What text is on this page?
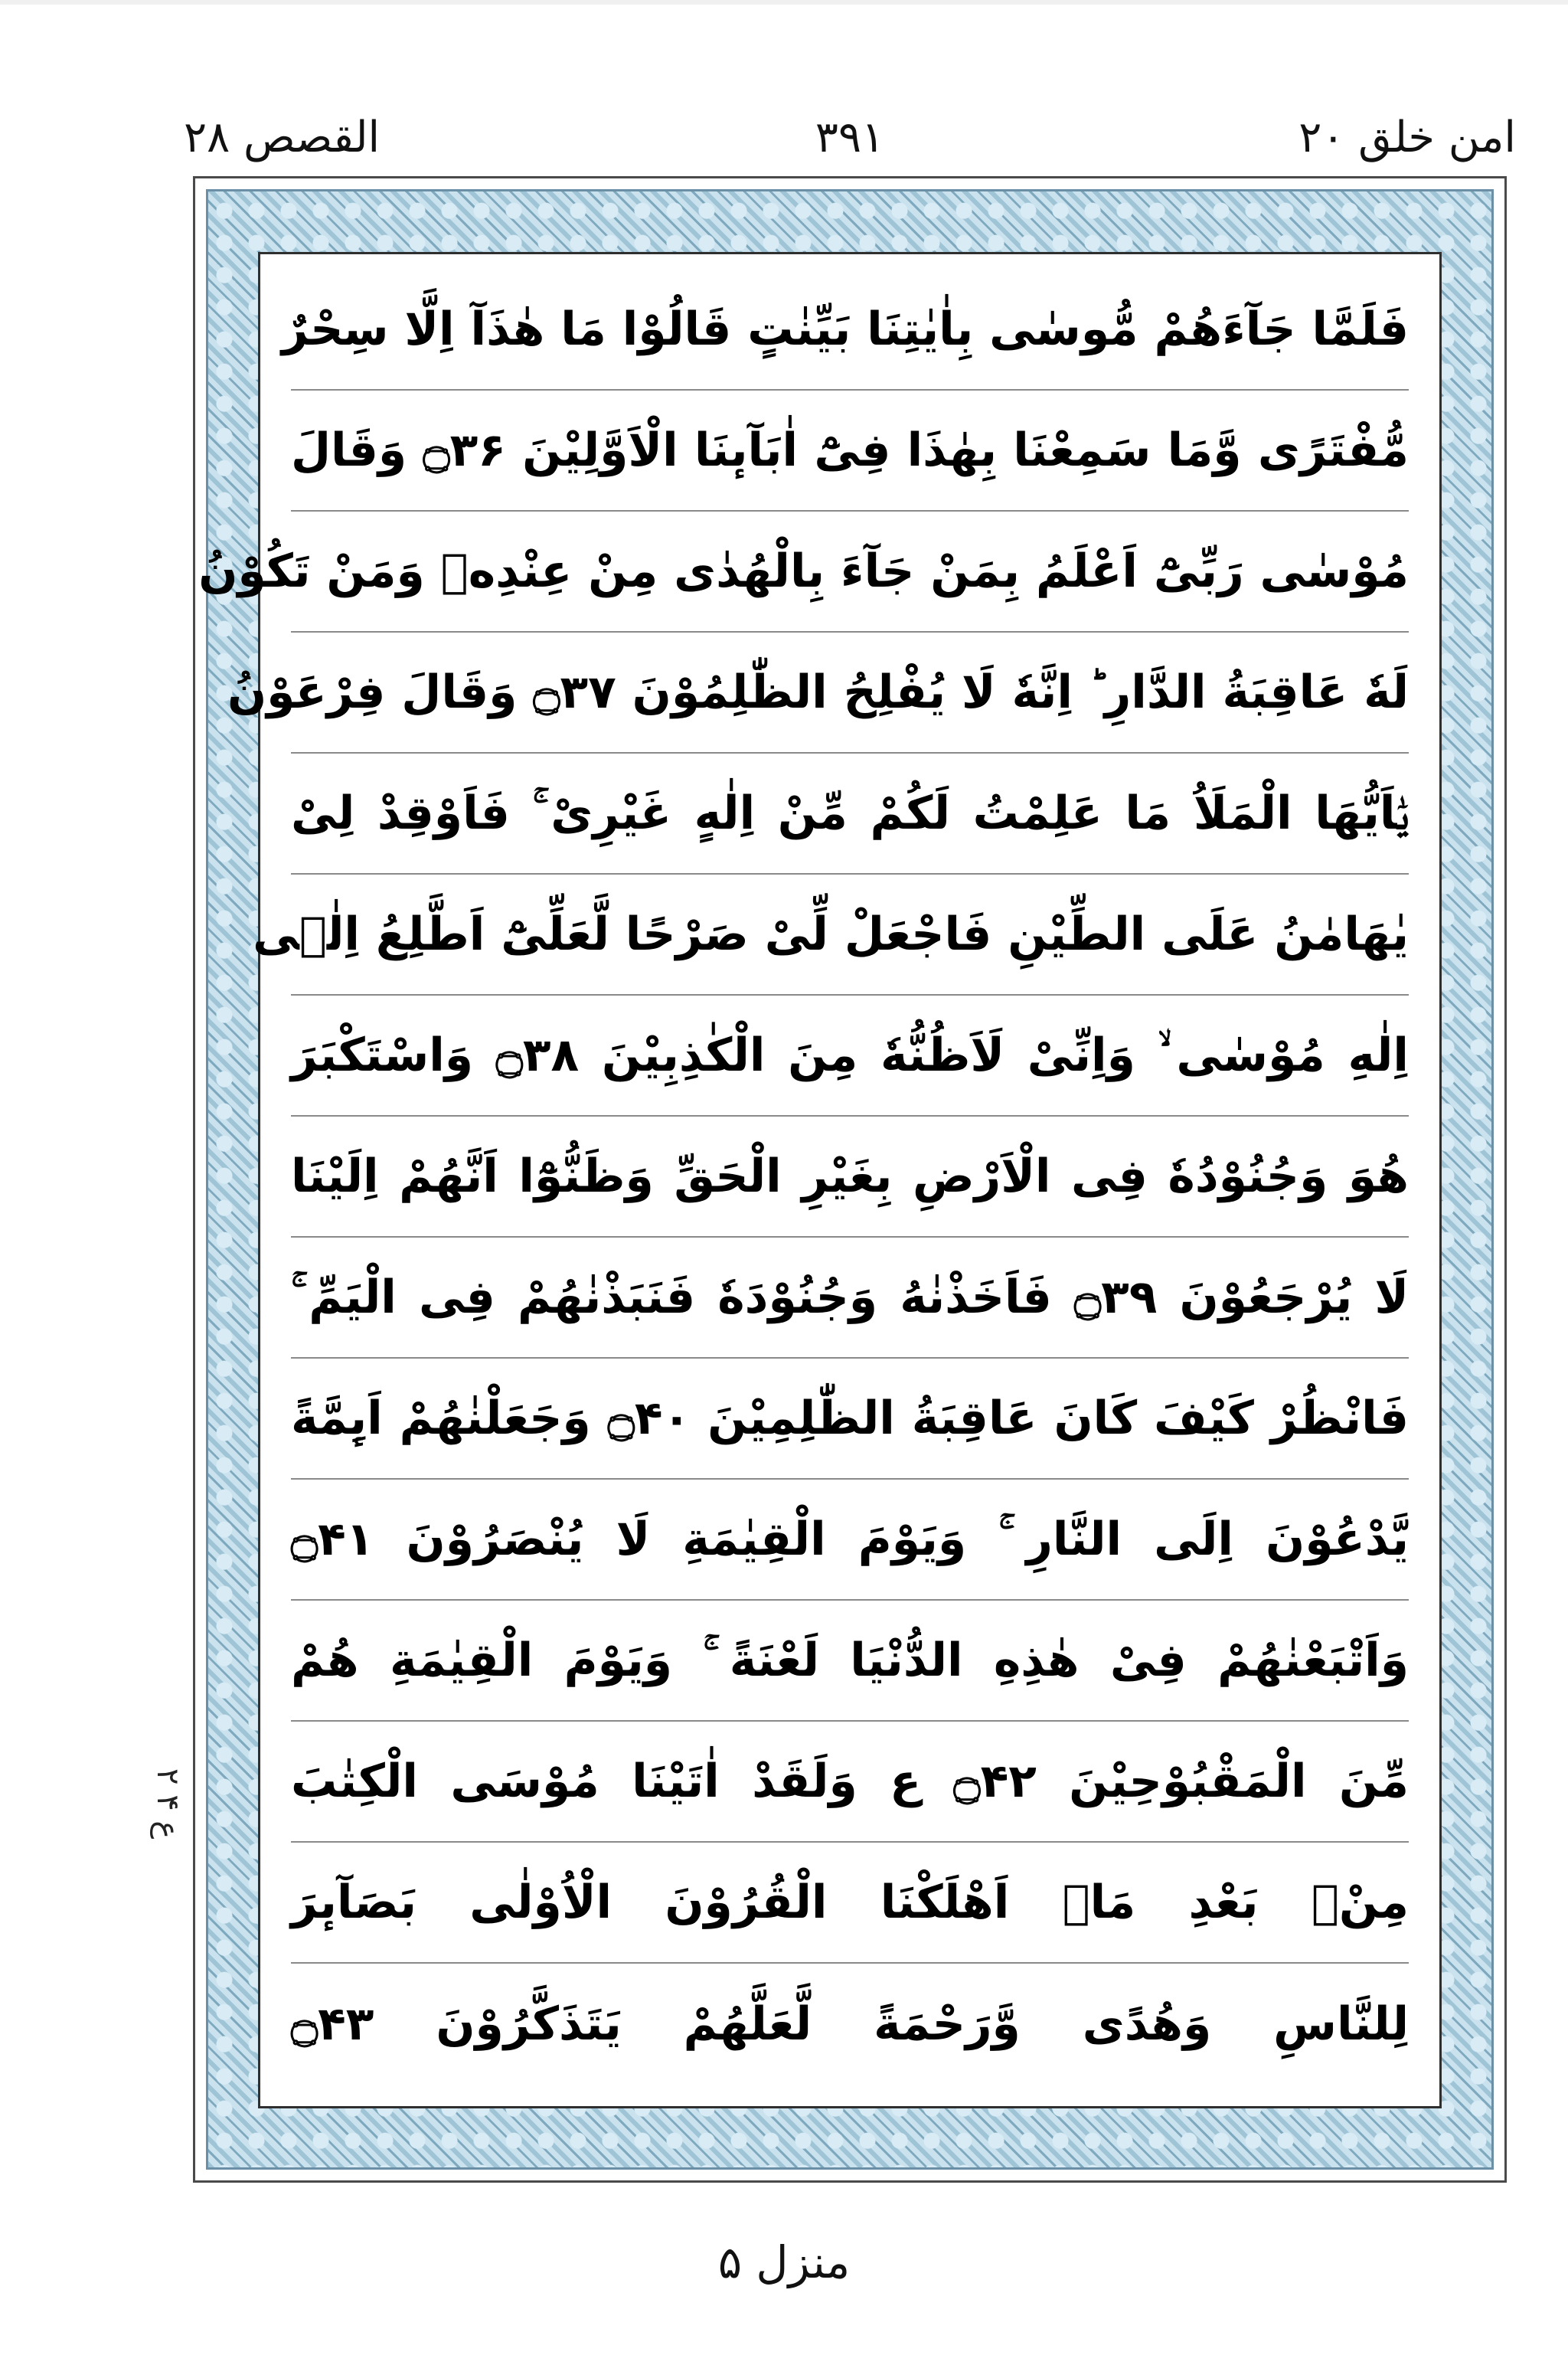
امن خلق ۲۰
۳۹۱
القصص ۲۸
فَلَمَّا جَآءَهُمْ مُّوسٰى بِاٰيٰتِنَا بَيِّنٰتٍ قَالُوْا مَا هٰذَآ اِلَّا سِحْرٌ
مُّفْتَرًى وَّمَا سَمِعْنَا بِهٰذَا فِیْٓ اٰبَآىٕنَا الْاَوَّلِیْنَ ۝۳۶ وَقَالَ
مُوْسٰى رَبِّیْٓ اَعْلَمُ بِمَنْ جَآءَ بِالْهُدٰى مِنْ عِنْدِهٖ وَمَنْ تَكُوْنُ
لَهٗ عَاقِبَةُ الدَّارِ ؕ اِنَّهٗ لَا یُفْلِحُ الظّٰلِمُوْنَ ۝۳۷ وَقَالَ فِرْعَوْنُ
یٰۤاَیُّهَا الْمَلَاُ مَا عَلِمْتُ لَكُمْ مِّنْ اِلٰهٍ غَیْرِیْ ۚ فَاَوْقِدْ لِیْ
یٰهَامٰنُ عَلَى الطِّیْنِ فَاجْعَلْ لِّیْ صَرْحًا لَّعَلِّیْٓ اَطَّلِعُ اِلٰۤى
اِلٰهِ مُوْسٰى ۙ وَاِنِّیْ لَاَظُنُّهٗ مِنَ الْكٰذِبِیْنَ ۝۳۸ وَاسْتَكْبَرَ
هُوَ وَجُنُوْدُهٗ فِی الْاَرْضِ بِغَیْرِ الْحَقِّ وَظَنُّوْٓا اَنَّهُمْ اِلَیْنَا
لَا یُرْجَعُوْنَ ۝۳۹ فَاَخَذْنٰهُ وَجُنُوْدَهٗ فَنَبَذْنٰهُمْ فِی الْیَمِّ ۚ
فَانْظُرْ كَیْفَ كَانَ عَاقِبَةُ الظّٰلِمِیْنَ ۝۴۰ وَجَعَلْنٰهُمْ اَىِٕمَّةً
یَّدْعُوْنَ اِلَى النَّارِ ۚ وَیَوْمَ الْقِیٰمَةِ لَا یُنْصَرُوْنَ ۝۴۱
وَاَتْبَعْنٰهُمْ فِیْ هٰذِهِ الدُّنْیَا لَعْنَةً ۚ وَیَوْمَ الْقِیٰمَةِ هُمْ
مِّنَ الْمَقْبُوْحِیْنَ ۝۴۲ ع وَلَقَدْ اٰتَیْنَا مُوْسَى الْكِتٰبَ
مِنْۢ بَعْدِ مَاۤ اَهْلَكْنَا الْقُرُوْنَ الْاُوْلٰى بَصَآىٕرَ
لِلنَّاسِ وَهُدًى وَّرَحْمَةً لَّعَلَّهُمْ یَتَذَكَّرُوْنَ ۝۴۳
ع ۴ ۲
منزل ۵
